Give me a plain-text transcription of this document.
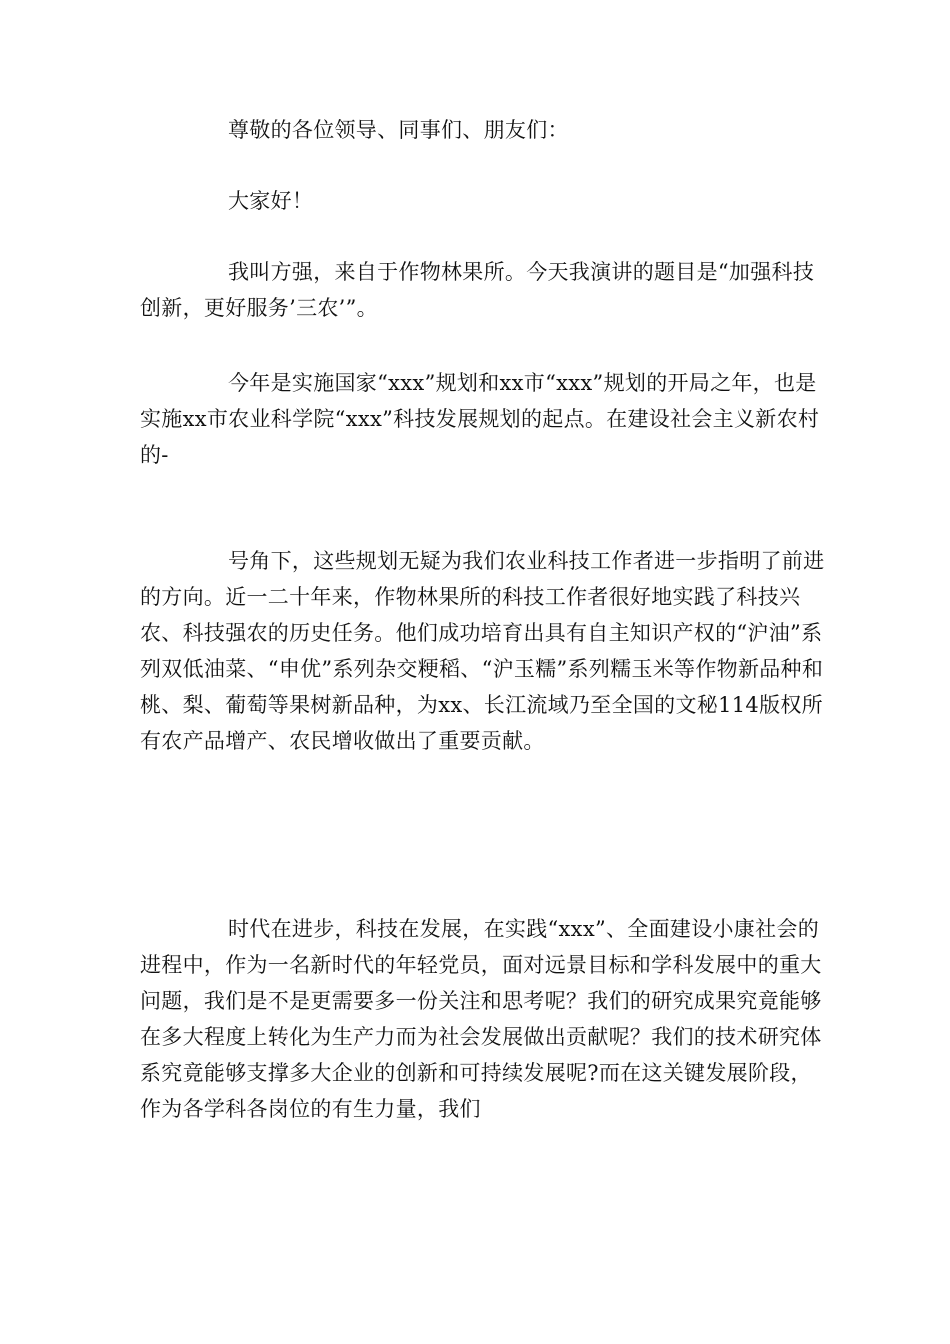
尊敬的各位领导、同事们、朋友们：

大家好！

我叫方强，来自于作物林果所。今天我演讲的题目是“加强科技创新，更好服务’三农’”。

今年是实施国家“xxx”规划和xx市“xxx”规划的开局之年，也是实施xx市农业科学院“xxx”科技发展规划的起点。在建设社会主义新农村的-

号角下，这些规划无疑为我们农业科技工作者进一步指明了前进的方向。近一二十年来，作物林果所的科技工作者很好地实践了科技兴农、科技强农的历史任务。他们成功培育出具有自主知识产权的“沪油”系列双低油菜、“申优”系列杂交粳稻、“沪玉糯”系列糯玉米等作物新品种和桃、梨、葡萄等果树新品种，为xx、长江流域乃至全国的文秘114版权所有农产品增产、农民增收做出了重要贡献。

时代在进步，科技在发展，在实践“xxx”、全面建设小康社会的进程中，作为一名新时代的年轻党员，面对远景目标和学科发展中的重大问题，我们是不是更需要多一份关注和思考呢？我们的研究成果究竟能够在多大程度上转化为生产力而为社会发展做出贡献呢？我们的技术研究体系究竟能够支撑多大企业的创新和可持续发展呢?而在这关键发展阶段，作为各学科各岗位的有生力量，我们
